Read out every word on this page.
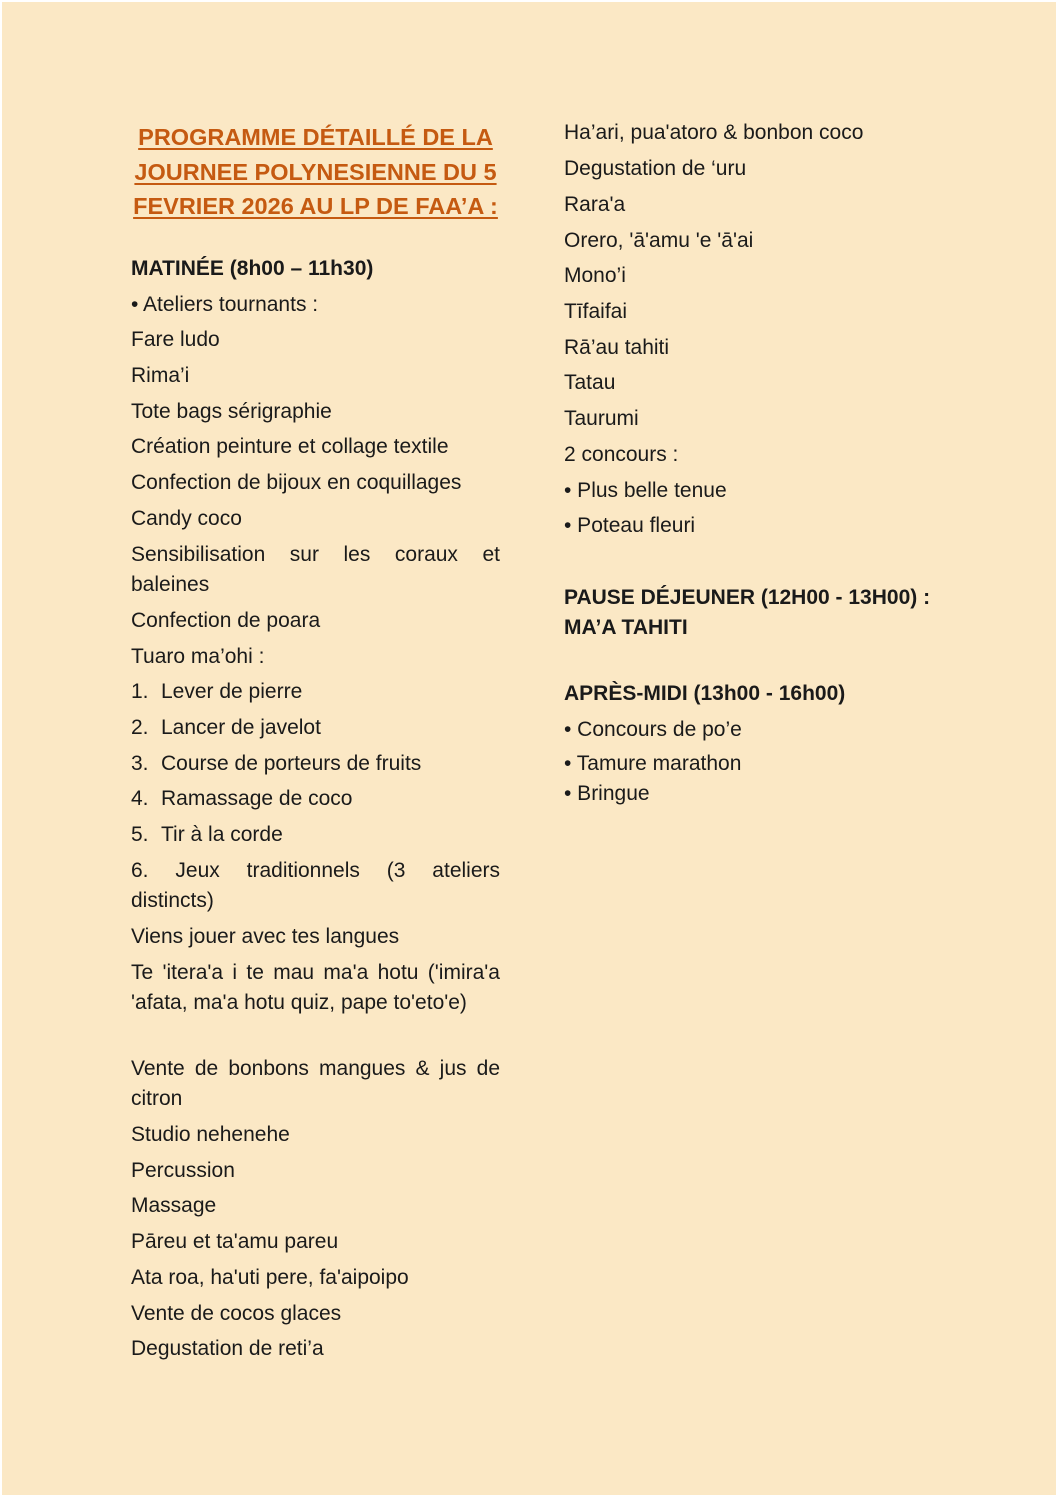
PROGRAMME DÉTAILLÉ DE LA JOURNEE POLYNESIENNE DU 5 FEVRIER 2026 AU LP DE FAA’A :
MATINÉE (8h00 – 11h30)
• Ateliers tournants :
Fare ludo
Rima’i
Tote bags sérigraphie
Création peinture et collage textile
Confection de bijoux en coquillages
Candy coco
Sensibilisation sur les coraux et baleines
Confection de poara
Tuaro ma’ohi :
1. Lever de pierre
2. Lancer de javelot
3. Course de porteurs de fruits
4. Ramassage de coco
5. Tir à la corde
6. Jeux traditionnels (3 ateliers distincts)
Viens jouer avec tes langues
Te 'itera'a i te mau ma'a hotu ('imira'a 'afata, ma'a hotu quiz, pape to'eto'e)
Vente de bonbons mangues & jus de citron
Studio nehenehe
Percussion
Massage
Pāreu et ta'amu pareu
Ata roa, ha'uti pere, fa'aipoipo
Vente de cocos glaces
Degustation de reti’a
Ha’ari, pua'atoro & bonbon coco
Degustation de ‘uru
Rara'a
Orero, 'ā'amu 'e 'ā'ai
Mono’i
Tīfaifai
Rā’au tahiti
Tatau
Taurumi
2 concours :
• Plus belle tenue
• Poteau fleuri
PAUSE DÉJEUNER (12H00 - 13H00) :
MA’A TAHITI
APRÈS-MIDI (13h00 - 16h00)
• Concours de po’e
• Tamure marathon
• Bringue
